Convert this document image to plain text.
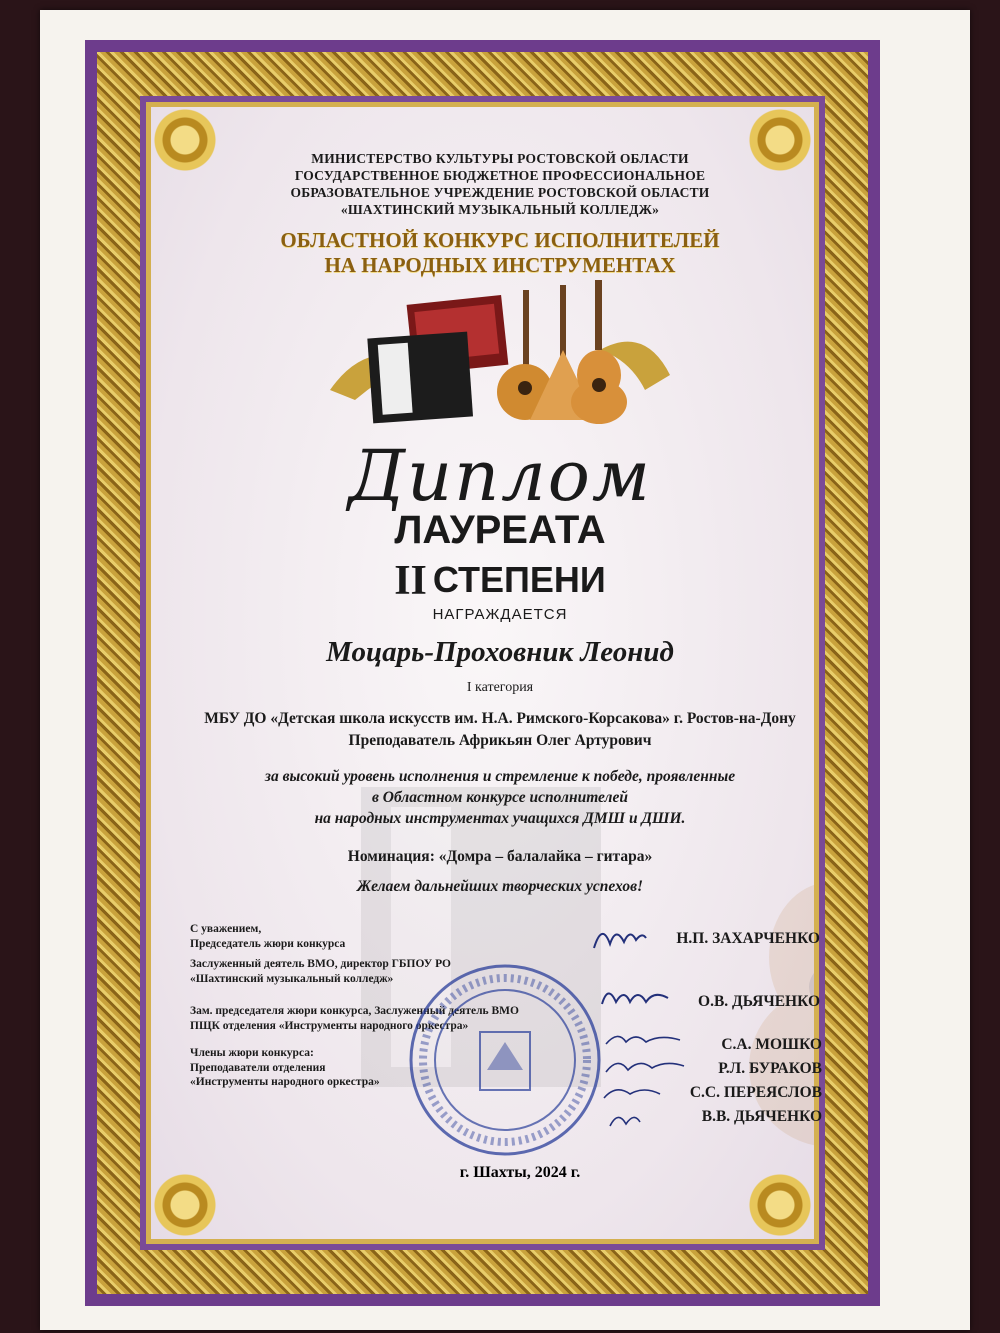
МИНИСТЕРСТВО КУЛЬТУРЫ РОСТОВСКОЙ ОБЛАСТИ
ГОСУДАРСТВЕННОЕ БЮДЖЕТНОЕ ПРОФЕССИОНАЛЬНОЕ
ОБРАЗОВАТЕЛЬНОЕ УЧРЕЖДЕНИЕ РОСТОВСКОЙ ОБЛАСТИ
«ШАХТИНСКИЙ МУЗЫКАЛЬНЫЙ КОЛЛЕДЖ»
ОБЛАСТНОЙ КОНКУРС ИСПОЛНИТЕЛЕЙ
НА НАРОДНЫХ ИНСТРУМЕНТАХ
Диплом
ЛАУРЕАТА
II СТЕПЕНИ
НАГРАЖДАЕТСЯ
Моцарь-Проховник Леонид
I категория
МБУ ДО «Детская школа искусств им. Н.А. Римского-Корсакова» г. Ростов-на-Дону
Преподаватель Африкьян Олег Артурович
за высокий уровень исполнения и стремление к победе, проявленные
в Областном конкурсе исполнителей
на народных инструментах учащихся ДМШ и ДШИ.
Номинация: «Домра – балалайка – гитара»
Желаем дальнейших творческих успехов!
С уважением,
Председатель жюри конкурса
Заслуженный деятель ВМО, директор ГБПОУ РО
«Шахтинский музыкальный колледж»
Зам. председателя жюри конкурса, Заслуженный деятель ВМО
ПЩК отделения «Инструменты народного оркестра»
Члены жюри конкурса:
Преподаватели отделения
«Инструменты народного оркестра»
Н.П. ЗАХАРЧЕНКО
О.В. ДЬЯЧЕНКО
С.А. МОШКО
Р.Л. БУРАКОВ
С.С. ПЕРЕЯСЛОВ
В.В. ДЬЯЧЕНКО
г. Шахты, 2024 г.
